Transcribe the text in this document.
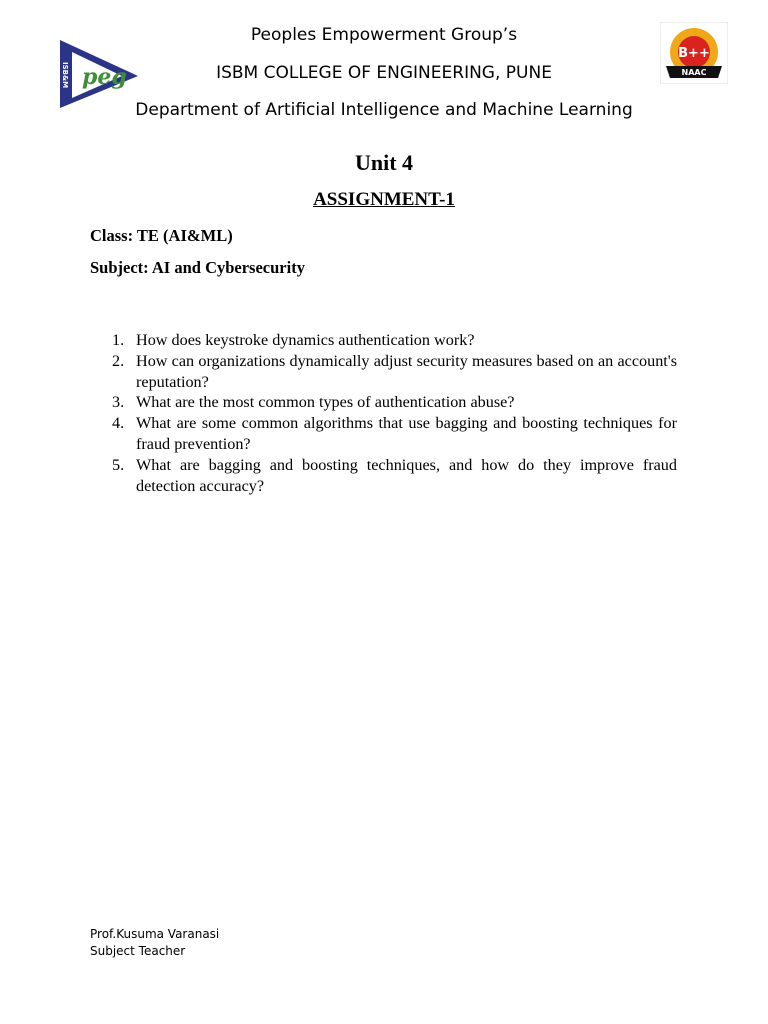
ISB&M peg
B++
NAAC
Peoples Empowerment Group’s
ISBM COLLEGE OF ENGINEERING, PUNE
Department of Artificial Intelligence and Machine Learning
Unit 4
ASSIGNMENT-1
Class: TE (AI&ML)
Subject: AI and Cybersecurity
1. How does keystroke dynamics authentication work?
2. How can organizations dynamically adjust security measures based on an account's reputation?
3. What are the most common types of authentication abuse?
4. What are some common algorithms that use bagging and boosting techniques for fraud prevention?
5. What are bagging and boosting techniques, and how do they improve fraud detection accuracy?
Prof.Kusuma Varanasi
Subject Teacher
